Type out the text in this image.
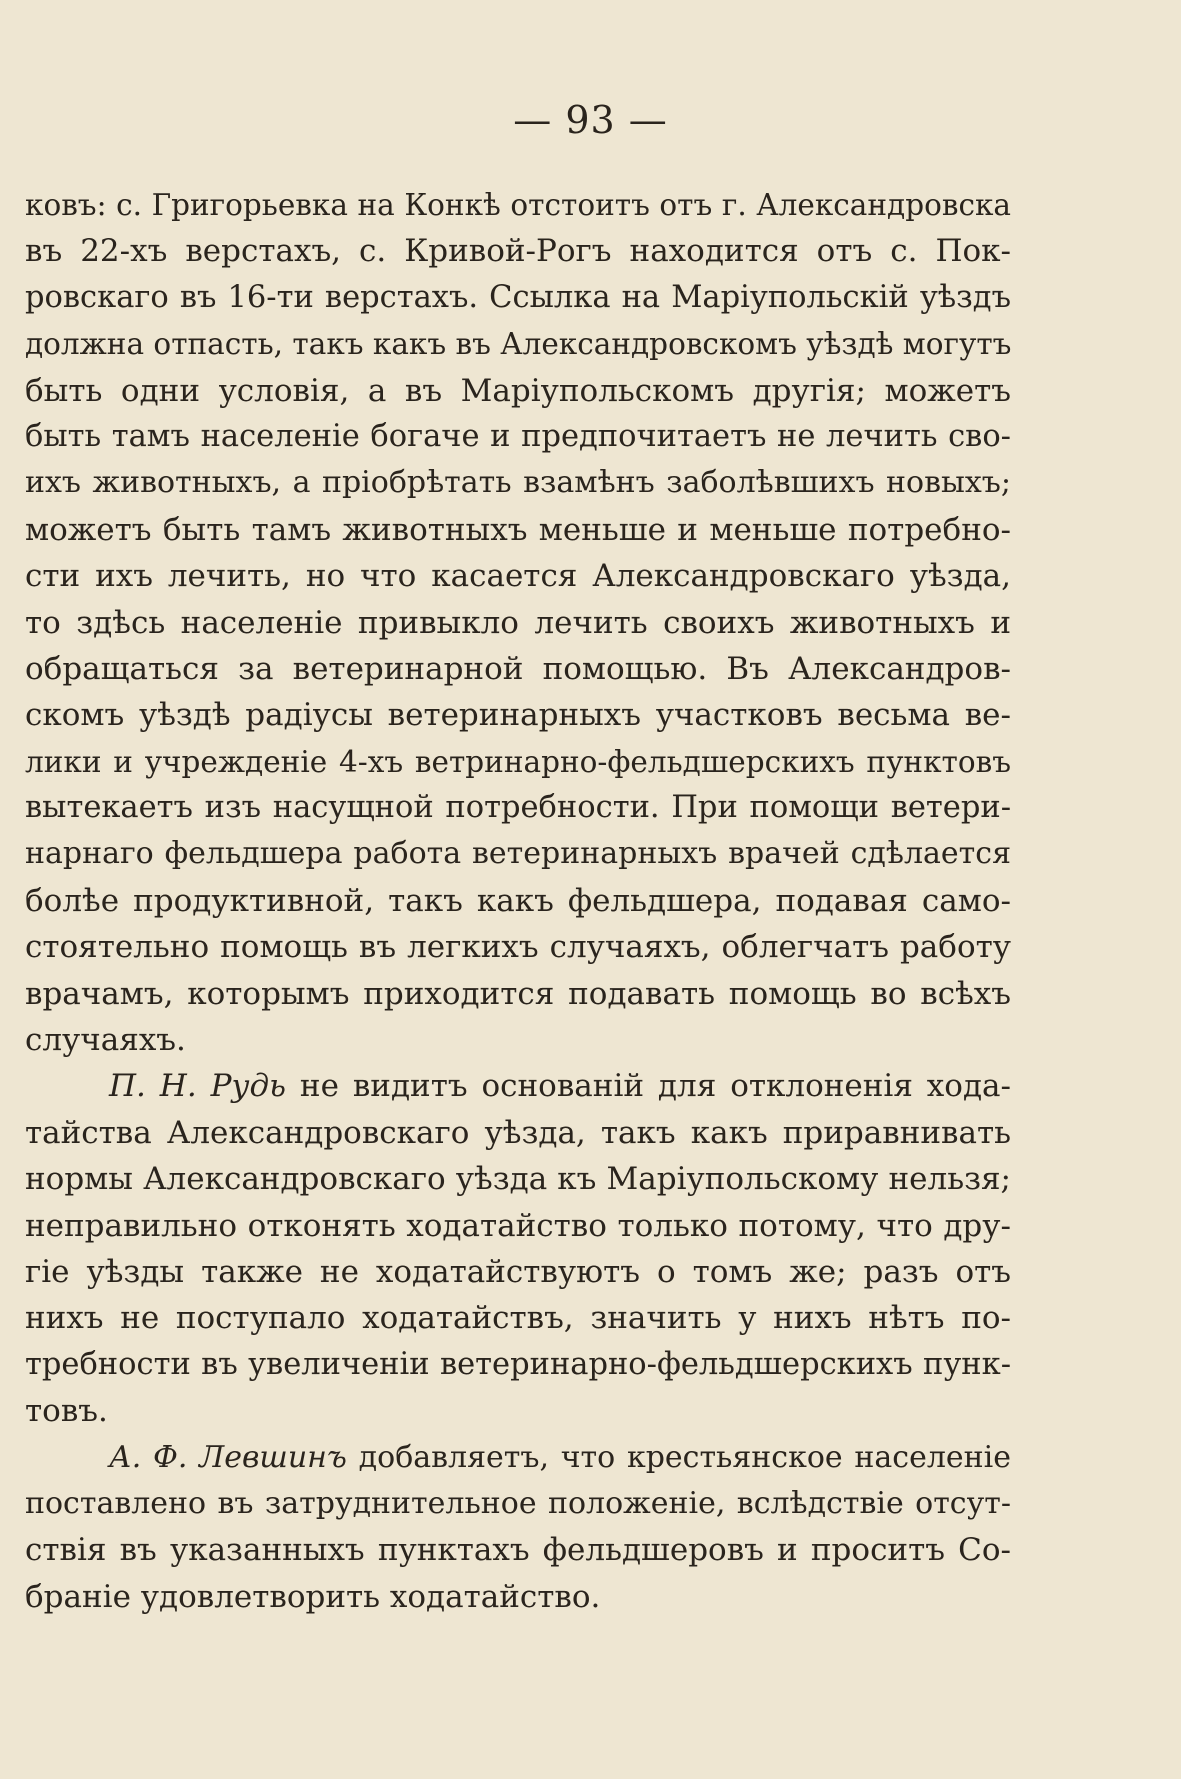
— 93 —
ковъ: с. Григорьевка на Конкѣ отстоитъ отъ г. Александровска
въ 22-хъ верстахъ, с. Кривой-Рогъ находится отъ с. Пок-
ровскаго въ 16-ти верстахъ. Ссылка на Маріупольскій уѣздъ
должна отпасть, такъ какъ въ Александровскомъ уѣздѣ могутъ
быть одни условія, а въ Маріупольскомъ другія; можетъ
быть тамъ населеніе богаче и предпочитаетъ не лечить сво-
ихъ животныхъ, а пріобрѣтать взамѣнъ заболѣвшихъ новыхъ;
можетъ быть тамъ животныхъ меньше и меньше потребно-
сти ихъ лечить, но что касается Александровскаго уѣзда,
то здѣсь населеніе привыкло лечить своихъ животныхъ и
обращаться за ветеринарной помощью. Въ Александров-
скомъ уѣздѣ радіусы ветеринарныхъ участковъ весьма ве-
лики и учрежденіе 4-хъ ветринарно-фельдшерскихъ пунктовъ
вытекаетъ изъ насущной потребности. При помощи ветери-
нарнаго фельдшера работа ветеринарныхъ врачей сдѣлается
болѣе продуктивной, такъ какъ фельдшера, подавая само-
стоятельно помощь въ легкихъ случаяхъ, облегчатъ работу
врачамъ, которымъ приходится подавать помощь во всѣхъ
случаяхъ.
П. Н. Рудь не видитъ основаній для отклоненія хода-
тайства Александровскаго уѣзда, такъ какъ приравнивать
нормы Александровскаго уѣзда къ Маріупольскому нельзя;
неправильно отконять ходатайство только потому, что дру-
гіе уѣзды также не ходатайствуютъ о томъ же; разъ отъ
нихъ не поступало ходатайствъ, значить у нихъ нѣтъ по-
требности въ увеличеніи ветеринарно-фельдшерскихъ пунк-
товъ.
А. Ф. Левшинъ добавляетъ, что крестьянское населеніе
поставлено въ затруднительное положеніе, вслѣдствіе отсут-
ствія въ указанныхъ пунктахъ фельдшеровъ и проситъ Со-
браніе удовлетворить ходатайство.
